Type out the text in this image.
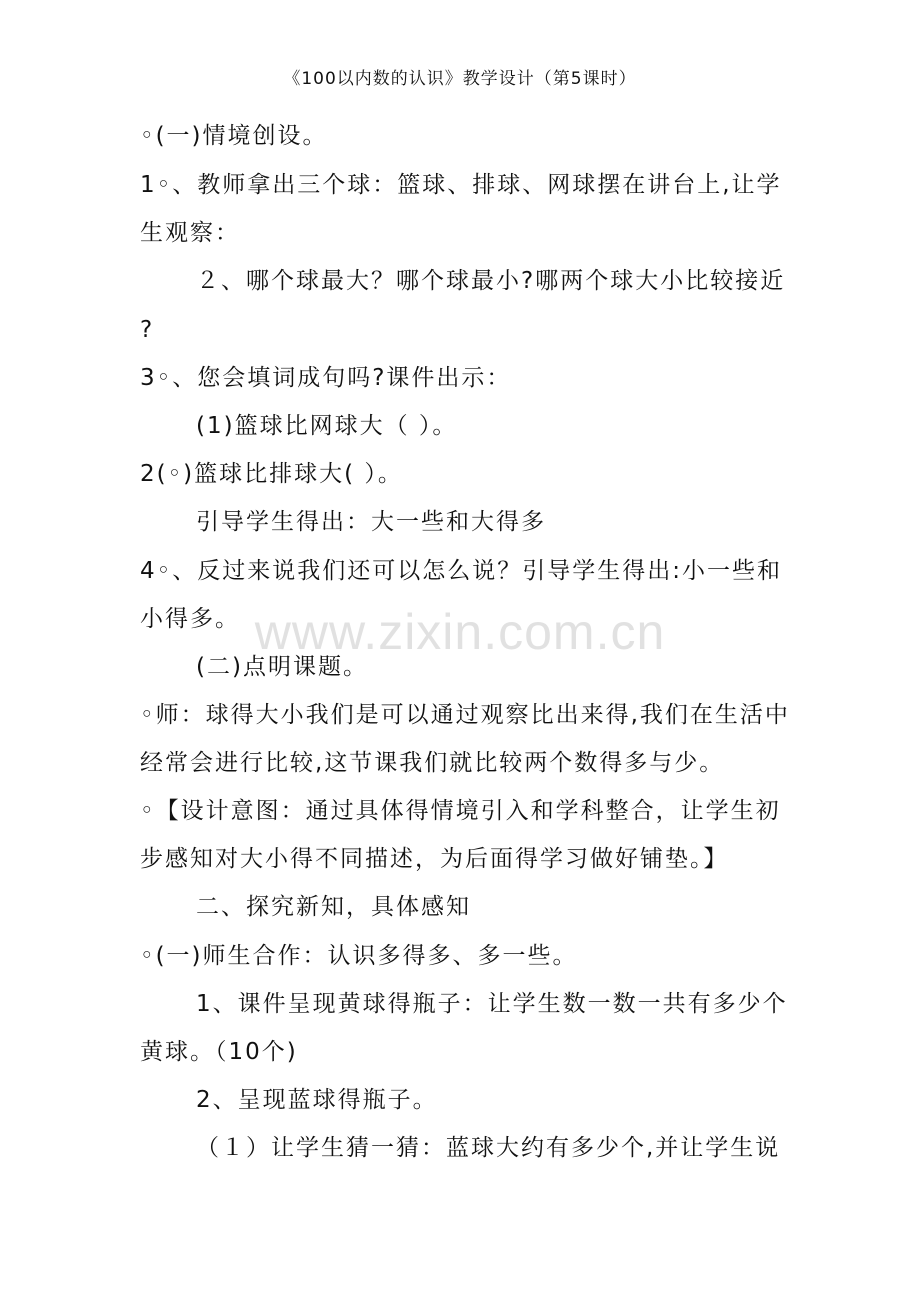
《100以内数的认识》教学设计（第5课时）
◦(一)情境创设。
1◦、教师拿出三个球：篮球、排球、网球摆在讲台上,让学
生观察：
２、哪个球最大？哪个球最小?哪两个球大小比较接近
?
3◦、您会填词成句吗?课件出示：
(1)篮球比网球大（ ）。
2(◦)篮球比排球大( ）。
引导学生得出：大一些和大得多
4◦、反过来说我们还可以怎么说？引导学生得出:小一些和
小得多。
(二)点明课题。
◦师：球得大小我们是可以通过观察比出来得,我们在生活中
经常会进行比较,这节课我们就比较两个数得多与少。
◦【设计意图：通过具体得情境引入和学科整合，让学生初
步感知对大小得不同描述，为后面得学习做好铺垫。】
二、探究新知，具体感知
◦(一)师生合作：认识多得多、多一些。
1、课件呈现黄球得瓶子：让学生数一数一共有多少个
黄球。（10个)
2、呈现蓝球得瓶子。
（１）让学生猜一猜：蓝球大约有多少个,并让学生说
www.zixin.com.cn
